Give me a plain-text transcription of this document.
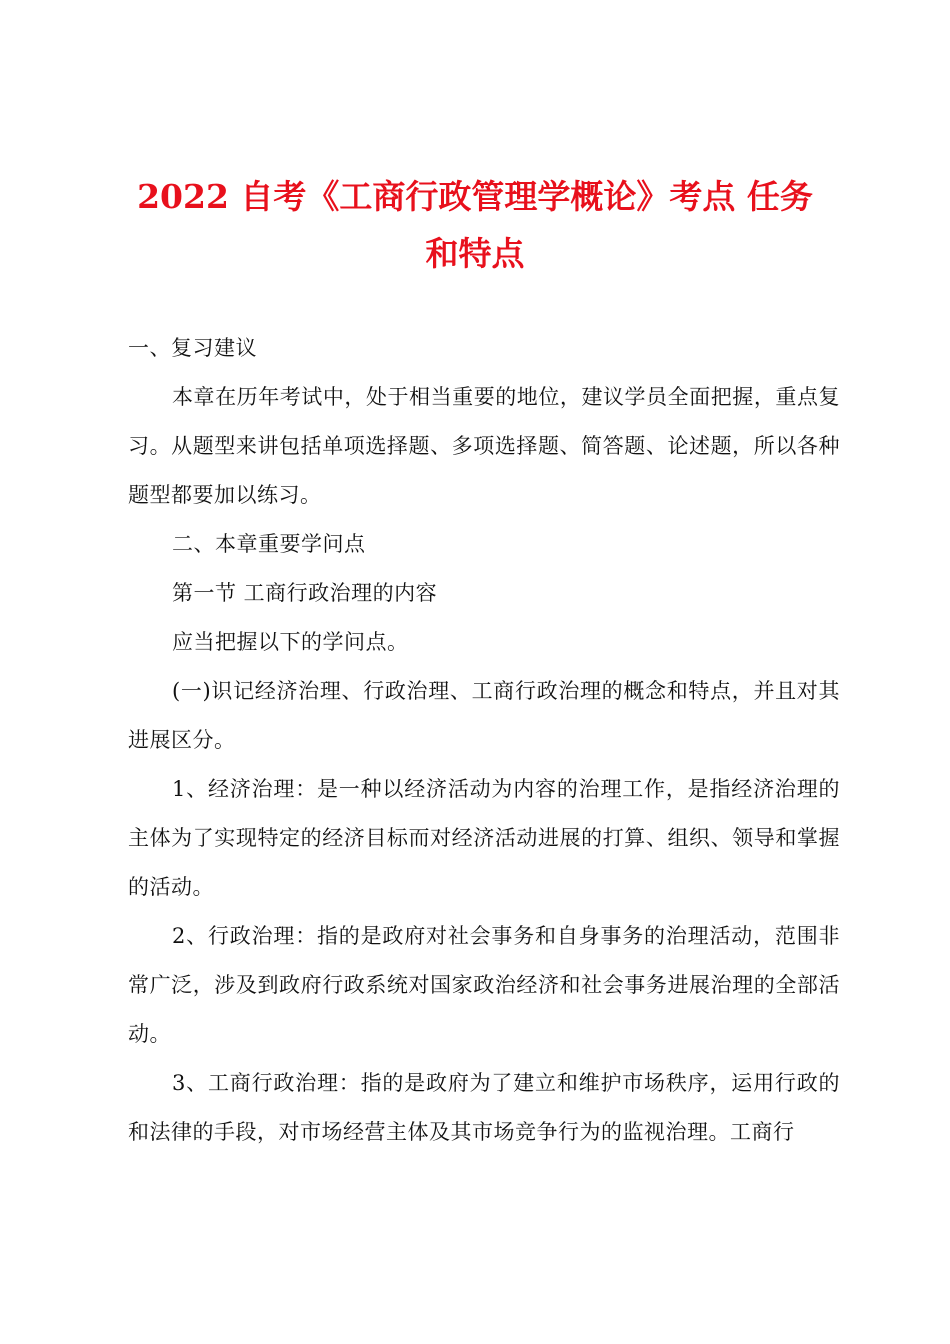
2022 自考《工商行政管理学概论》考点 任务
和特点

一、复习建议

本章在历年考试中，处于相当重要的地位，建议学员全面把握，重点复习。从题型来讲包括单项选择题、多项选择题、简答题、论述题，所以各种题型都要加以练习。

二、本章重要学问点

第一节 工商行政治理的内容

应当把握以下的学问点。

(一)识记经济治理、行政治理、工商行政治理的概念和特点，并且对其进展区分。

1、经济治理：是一种以经济活动为内容的治理工作，是指经济治理的主体为了实现特定的经济目标而对经济活动进展的打算、组织、领导和掌握的活动。

2、行政治理：指的是政府对社会事务和自身事务的治理活动，范围非常广泛，涉及到政府行政系统对国家政治经济和社会事务进展治理的全部活动。

3、工商行政治理：指的是政府为了建立和维护市场秩序，运用行政的和法律的手段，对市场经营主体及其市场竞争行为的监视治理。工商行
